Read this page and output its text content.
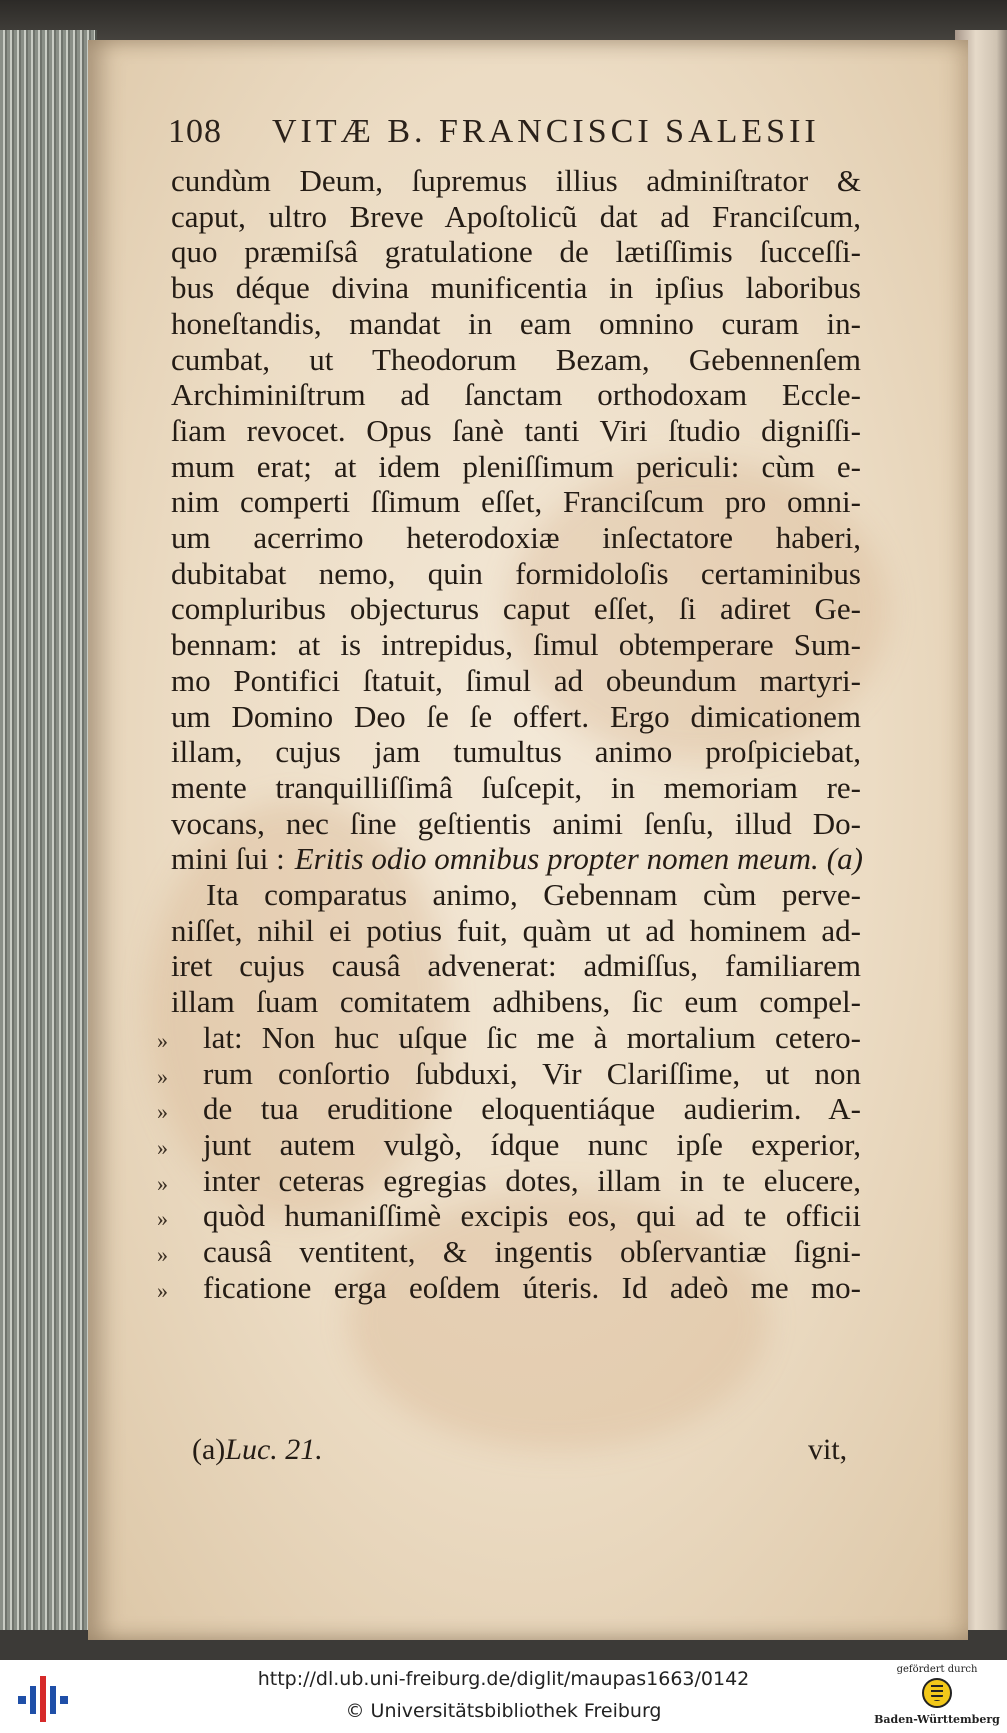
108 VITÆ B. FRANCISCI SALESII
cundùm Deum, ſupremus illius adminiſtrator &
caput, ultro Breve Apoſtolicũ dat ad Franciſcum,
quo præmiſsâ gratulatione de lætiſſimis ſucceſſi-
bus déque divina munificentia in ipſius laboribus
honeſtandis, mandat in eam omnino curam in-
cumbat, ut Theodorum Bezam, Gebennenſem
Archiminiſtrum ad ſanctam orthodoxam Eccle-
ſiam revocet. Opus ſanè tanti Viri ſtudio digniſſi-
mum erat; at idem pleniſſimum periculi: cùm e-
nim comperti ſſimum eſſet, Franciſcum pro omni-
um acerrimo heterodoxiæ inſectatore haberi,
dubitabat nemo, quin formidoloſis certaminibus
compluribus objecturus caput eſſet, ſi adiret Ge-
bennam: at is intrepidus, ſimul obtemperare Sum-
mo Pontifici ſtatuit, ſimul ad obeundum martyri-
um Domino Deo ſe ſe offert. Ergo dimicationem
illam, cujus jam tumultus animo proſpiciebat,
mente tranquilliſſimâ ſuſcepit, in memoriam re-
vocans, nec ſine geſtientis animi ſenſu, illud Do-
mini ſui : Eritis odio omnibus propter nomen meum. (a)
Ita comparatus animo, Gebennam cùm perve-
niſſet, nihil ei potius fuit, quàm ut ad hominem ad-
iret cujus causâ advenerat: admiſſus, familiarem
illam ſuam comitatem adhibens, ſic eum compel-
lat: Non huc uſque ſic me à mortalium cetero-
»
rum conſortio ſubduxi, Vir Clariſſime, ut non
»
de tua eruditione eloquentiáque audierim. A-
»
junt autem vulgò, ídque nunc ipſe experior,
»
inter ceteras egregias dotes, illam in te elucere,
»
quòd humaniſſimè excipis eos, qui ad te officii
»
causâ ventitent, & ingentis obſervantiæ ſigni-
»
ficatione erga eoſdem úteris. Id adeò me mo-
»
(a)Luc. 21.	vit,
http://dl.ub.uni-freiburg.de/diglit/maupas1663/0142
© Universitätsbibliothek Freiburg
gefördert durch
Baden-Württemberg
